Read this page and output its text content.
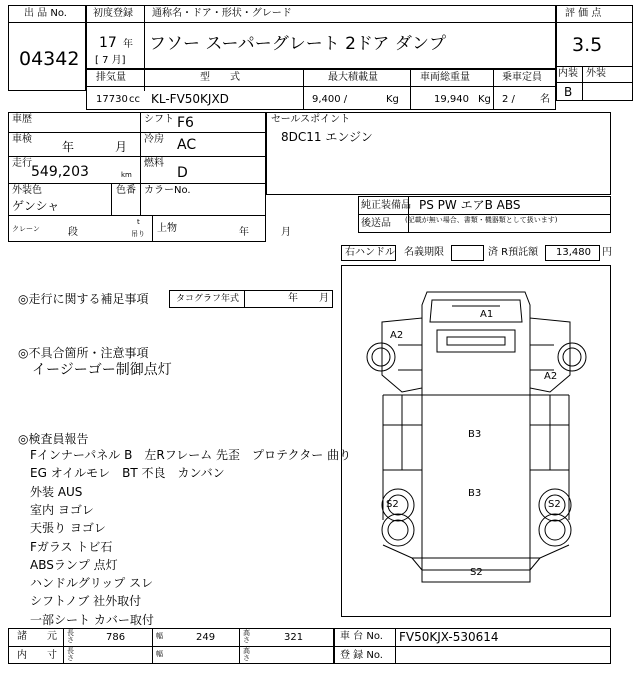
出 品 No.
04342
初度登録 通称名・ドア・形状・グレード
17 年
[ 7 月]
フソー スーパーグレート 2ドア ダンプ
評 価 点
3.5
内装 外装
B
排気量	型　　式	最大積載量	車両総重量	乗車定員
17730 cc KL-FV50KJXD	9,400 /	Kg	19,940 Kg 2 /	名
車歴	シフト F6
車検
年	月
冷房 AC
走行
549,203	km
燃料
D
外装色	色番 カラーNo.
ゲンシャ
クレーン	段
t
吊り 上物	年	月
セールスポイント
8DC11 エンジン
純正装備品 PS PW エアB ABS
後送品 (記載が無い場合、書類・機器類として扱います)
右ハンドル 名義期限	済 R預託額 13,480 円
◎走行に関する補足事項	タコグラフ年式	年 月
◎不具合箇所・注意事項
イージーゴー制御点灯
◎検査員報告
Fインナーパネル B　左Rフレーム 先歪　プロテクター 曲り
EG オイルモレ　BT 不良　カンバン
外装 AUS
室内 ヨゴレ
天張り ヨゴレ
Fガラス トビ石
ABSランプ 点灯
ハンドルグリップ スレ
シフトノブ 社外取付
一部シート カバー取付
A1
A2
A2
B3
B3
S2	S2
S2
諸　　元 長さ	786	幅	249	高さ	321
内　　寸 長さ	幅	高さ
車 台 No. FV50KJX-530614
登 録 No.
